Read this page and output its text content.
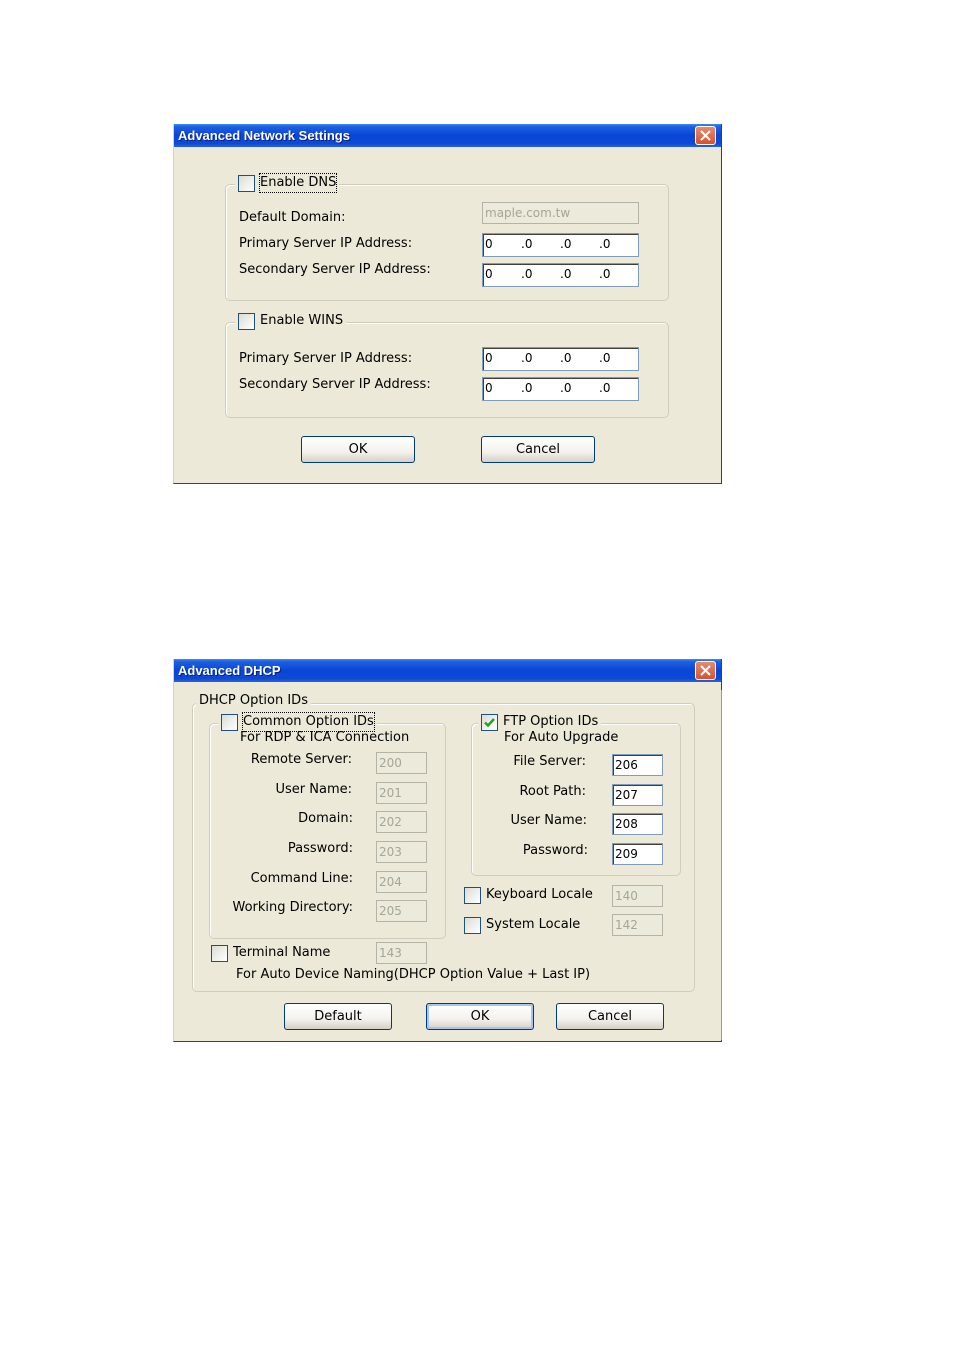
Advanced Network Settings
Enable DNS
Default Domain:	maple.com.tw
Primary Server IP Address:	0 .0 .0 .0
Secondary Server IP Address:	0 .0 .0 .0
Enable WINS
Primary Server IP Address:	0 .0 .0 .0
Secondary Server IP Address:	0 .0 .0 .0
OK	Cancel
Advanced DHCP
DHCP Option IDs
Common Option IDs
For RDP & ICA Connection
Remote Server: 200
User Name: 201
Domain: 202
Password: 203
Command Line: 204
Working Directory: 205
FTP Option IDs
For Auto Upgrade
File Server: 206
Root Path: 207
User Name: 208
Password: 209
Keyboard Locale 140
System Locale	142
Terminal Name	143
For Auto Device Naming(DHCP Option Value + Last IP)
Default	OK	Cancel
